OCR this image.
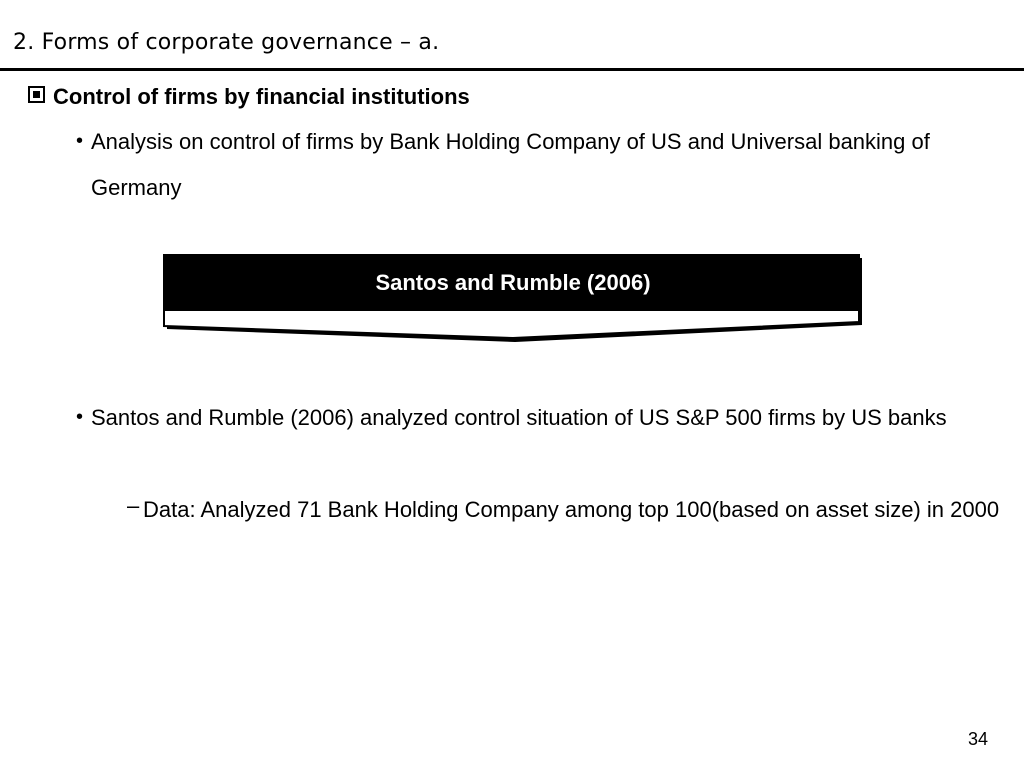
2. Forms of corporate governance – a.
Control of firms by financial institutions
• Analysis on control of firms by Bank Holding Company of US and Universal banking of Germany
Santos and Rumble (2006)
• Santos and Rumble (2006) analyzed control situation of US S&P 500 firms by US banks
– Data: Analyzed 71 Bank Holding Company among top 100(based on asset size) in 2000
34
